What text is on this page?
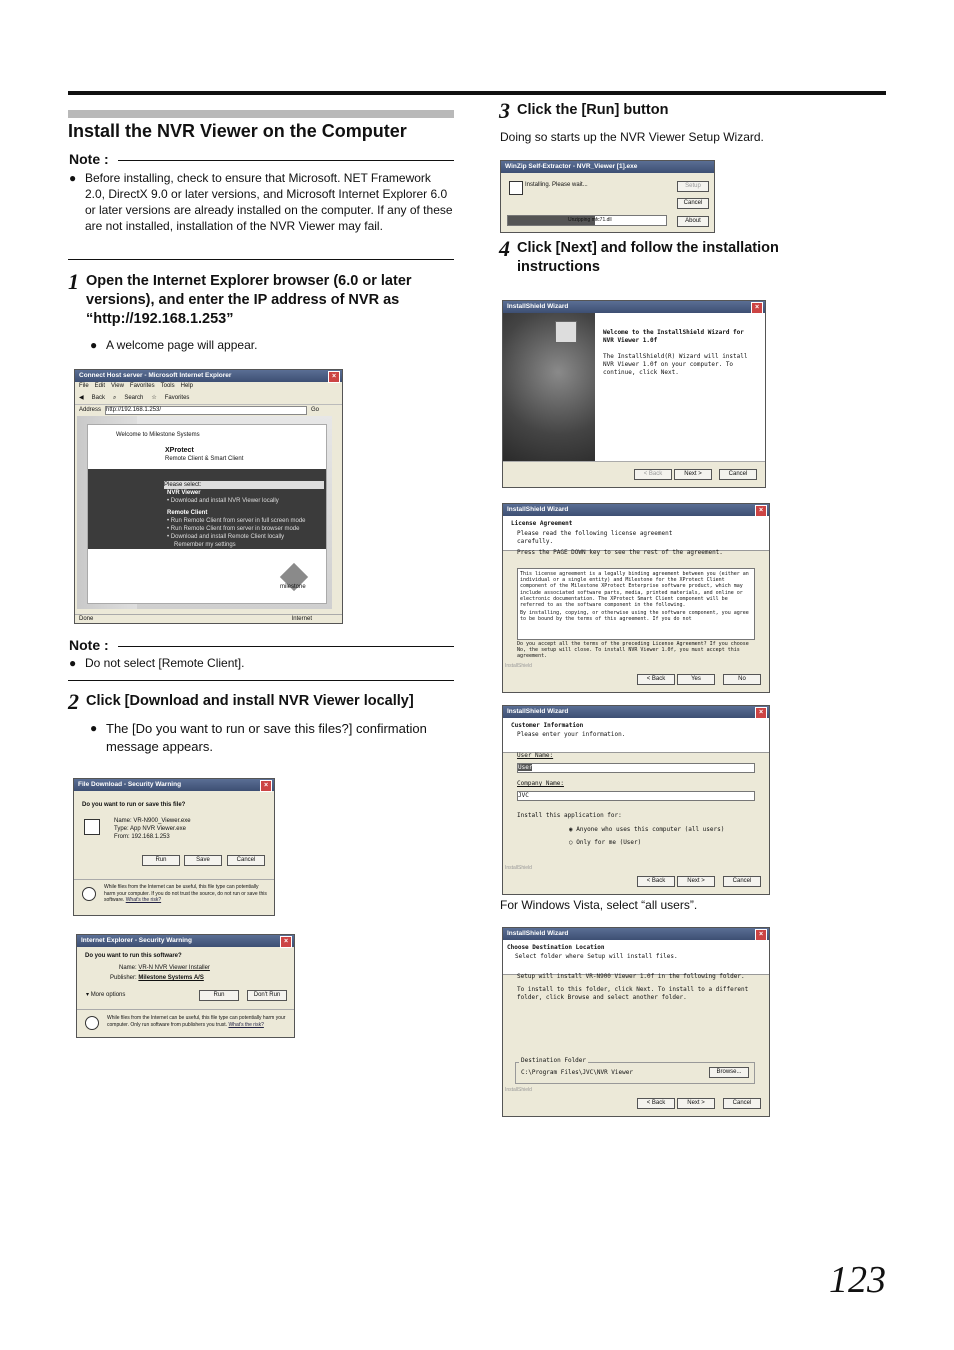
Install the NVR Viewer on the Computer
Note :
● Before installing, check to ensure that Microsoft. NET Framework 2.0, DirectX 9.0 or later versions, and Microsoft Internet Explorer 6.0 or later versions are already installed on the computer. If any of these are not installed, installation of the NVR Viewer may fail.
1 Open the Internet Explorer browser (6.0 or later versions), and enter the IP address of NVR as “http://192.168.1.253”
● A welcome page will appear.
Connect Host server - Microsoft Internet Explorer	×
File Edit View Favorites Tools Help
◀ Back ⌕ Search ☆ Favorites
Address http://192.168.1.253/	Go
Welcome to Milestone Systems
XProtect
Remote Client & Smart Client
Please select:
NVR Viewer
• Download and install NVR Viewer locally
Remote Client
• Run Remote Client from server in full screen mode
• Run Remote Client from server in browser mode
• Download and install Remote Client locally
Remember my settings
milestone
Done	Internet
Note :
● Do not select [Remote Client].
2 Click [Download and install NVR Viewer locally]
● The [Do you want to run or save this files?] confirmation message appears.
File Download - Security Warning	×
Do you want to run or save this file?
Name: VR-N900_Viewer.exe
Type: App NVR Viewer.exe
From: 192.168.1.253
Run	Save	Cancel
While files from the Internet can be useful, this file type can potentially harm your computer. If you do not trust the source, do not run or save this software. What's the risk?
Internet Explorer - Security Warning	×
Do you want to run this software?
Name: VR-N NVR Viewer Installer
Publisher: Milestone Systems A/S
▾ More options	Run	Don't Run
While files from the Internet can be useful, this file type can potentially harm your computer. Only run software from publishers you trust. What's the risk?
3 Click the [Run] button
Doing so starts up the NVR Viewer Setup Wizard.
WinZip Self-Extractor - NVR_Viewer [1].exe
Installing. Please wait...
Unzipping mfc71.dll
Setup
Cancel
About
4 Click [Next] and follow the installation instructions
InstallShield Wizard	×
Welcome to the InstallShield Wizard for NVR Viewer 1.0f
The InstallShield(R) Wizard will install NVR Viewer 1.0f on your computer. To continue, click Next.
< Back	Next >	Cancel
InstallShield Wizard	×
License Agreement
Please read the following license agreement carefully.
Press the PAGE DOWN key to see the rest of the agreement.
This license agreement is a legally binding agreement between you (either an individual or a single entity) and Milestone for the XProtect Client component of the Milestone XProtect Enterprise software product, which may include associated software parts, media, printed materials, and online or electronic documentation. The XProtect Smart Client component will be referred to as the software component in the following.
By installing, copying, or otherwise using the software component, you agree to be bound by the terms of this agreement. If you do not
Do you accept all the terms of the preceding License Agreement? If you choose No, the setup will close. To install NVR Viewer 1.0f, you must accept this agreement.
InstallShield
< Back	Yes	No
InstallShield Wizard	×
Customer Information
Please enter your information.
User Name:
User
Company Name:
JVC
Install this application for:
◉ Anyone who uses this computer (all users)
○ Only for me (User)
InstallShield
< Back	Next >	Cancel
For Windows Vista, select “all users”.
InstallShield Wizard	×
Choose Destination Location
Select folder where Setup will install files.
Setup will install VR-N900 Viewer 1.0f in the following folder.
To install to this folder, click Next. To install to a different folder, click Browse and select another folder.
Destination Folder
C:\Program Files\JVC\NVR Viewer	Browse...
InstallShield
< Back	Next >	Cancel
123
